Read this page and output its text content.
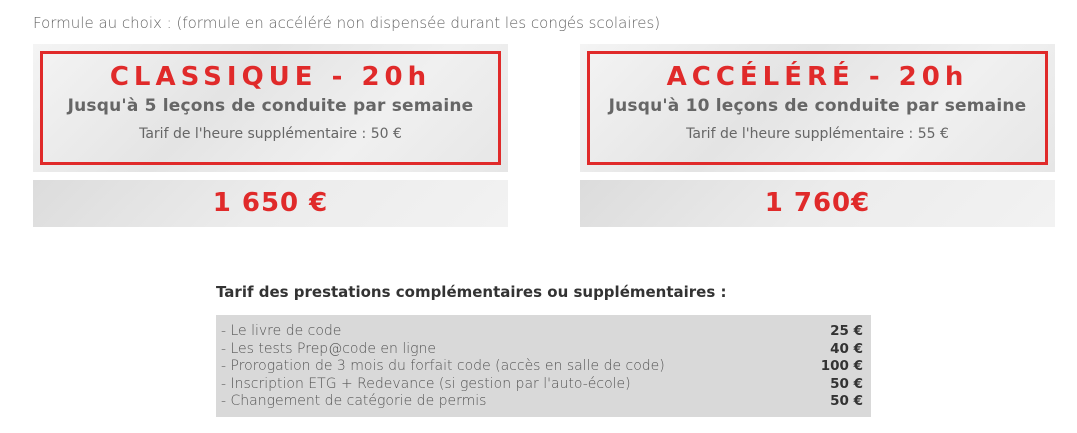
Formule au choix : (formule en accéléré non dispensée durant les congés scolaires)
CLASSIQUE - 20h
Jusqu'à 5 leçons de conduite par semaine
Tarif de l'heure supplémentaire : 50 €
1 650 €
ACCÉLÉRÉ - 20h
Jusqu'à 10 leçons de conduite par semaine
Tarif de l'heure supplémentaire : 55 €
1 760€
Tarif des prestations complémentaires ou supplémentaires :
- Le livre de code	25 €
- Les tests Prep@code en ligne	40 €
- Prorogation de 3 mois du forfait code (accès en salle de code)	100 €
- Inscription ETG + Redevance (si gestion par l'auto-école)	50 €
- Changement de catégorie de permis	50 €
